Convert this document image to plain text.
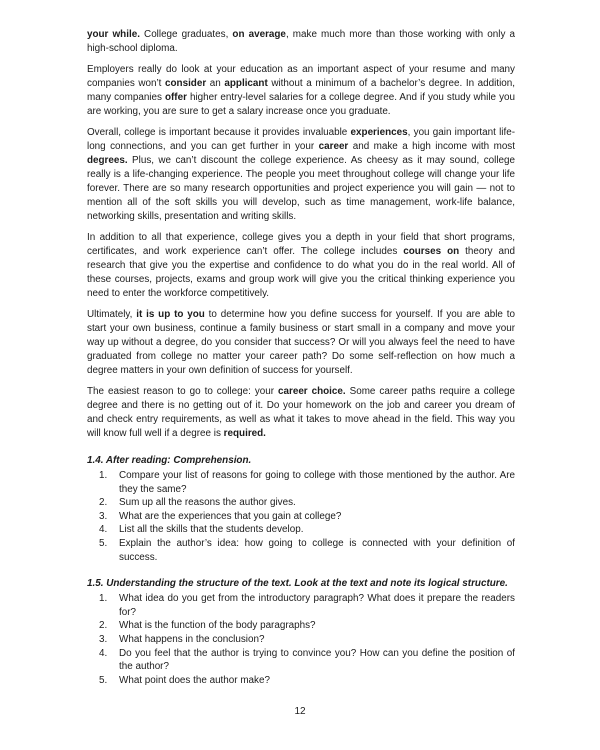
your while. College graduates, on average, make much more than those working with only a high-school diploma.

Employers really do look at your education as an important aspect of your resume and many companies won’t consider an applicant without a minimum of a bachelor’s degree. In addition, many companies offer higher entry-level salaries for a college degree. And if you study while you are working, you are sure to get a salary increase once you graduate.

Overall, college is important because it provides invaluable experiences, you gain important life-long connections, and you can get further in your career and make a high income with most degrees. Plus, we can’t discount the college experience. As cheesy as it may sound, college really is a life-changing experience. The people you meet throughout college will change your life forever. There are so many research opportunities and project experience you will gain — not to mention all of the soft skills you will develop, such as time management, work-life balance, networking skills, presentation and writing skills.

In addition to all that experience, college gives you a depth in your field that short programs, certificates, and work experience can’t offer. The college includes courses on theory and research that give you the expertise and confidence to do what you do in the real world. All of these courses, projects, exams and group work will give you the critical thinking experience you need to enter the workforce competitively.

Ultimately, it is up to you to determine how you define success for yourself. If you are able to start your own business, continue a family business or start small in a company and move your way up without a degree, do you consider that success? Or will you always feel the need to have graduated from college no matter your career path? Do some self-reflection on how much a degree matters in your own definition of success for yourself.

The easiest reason to go to college: your career choice. Some career paths require a college degree and there is no getting out of it. Do your homework on the job and career you dream of and check entry requirements, as well as what it takes to move ahead in the field. This way you will know full well if a degree is required.

1.4. After reading: Comprehension.
1. Compare your list of reasons for going to college with those mentioned by the author. Are they the same?
2. Sum up all the reasons the author gives.
3. What are the experiences that you gain at college?
4. List all the skills that the students develop.
5. Explain the author’s idea: how going to college is connected with your definition of success.
1.5. Understanding the structure of the text. Look at the text and note its logical structure.
1. What idea do you get from the introductory paragraph? What does it prepare the readers for?
2. What is the function of the body paragraphs?
3. What happens in the conclusion?
4. Do you feel that the author is trying to convince you? How can you define the position of the author?
5. What point does the author make?
12
